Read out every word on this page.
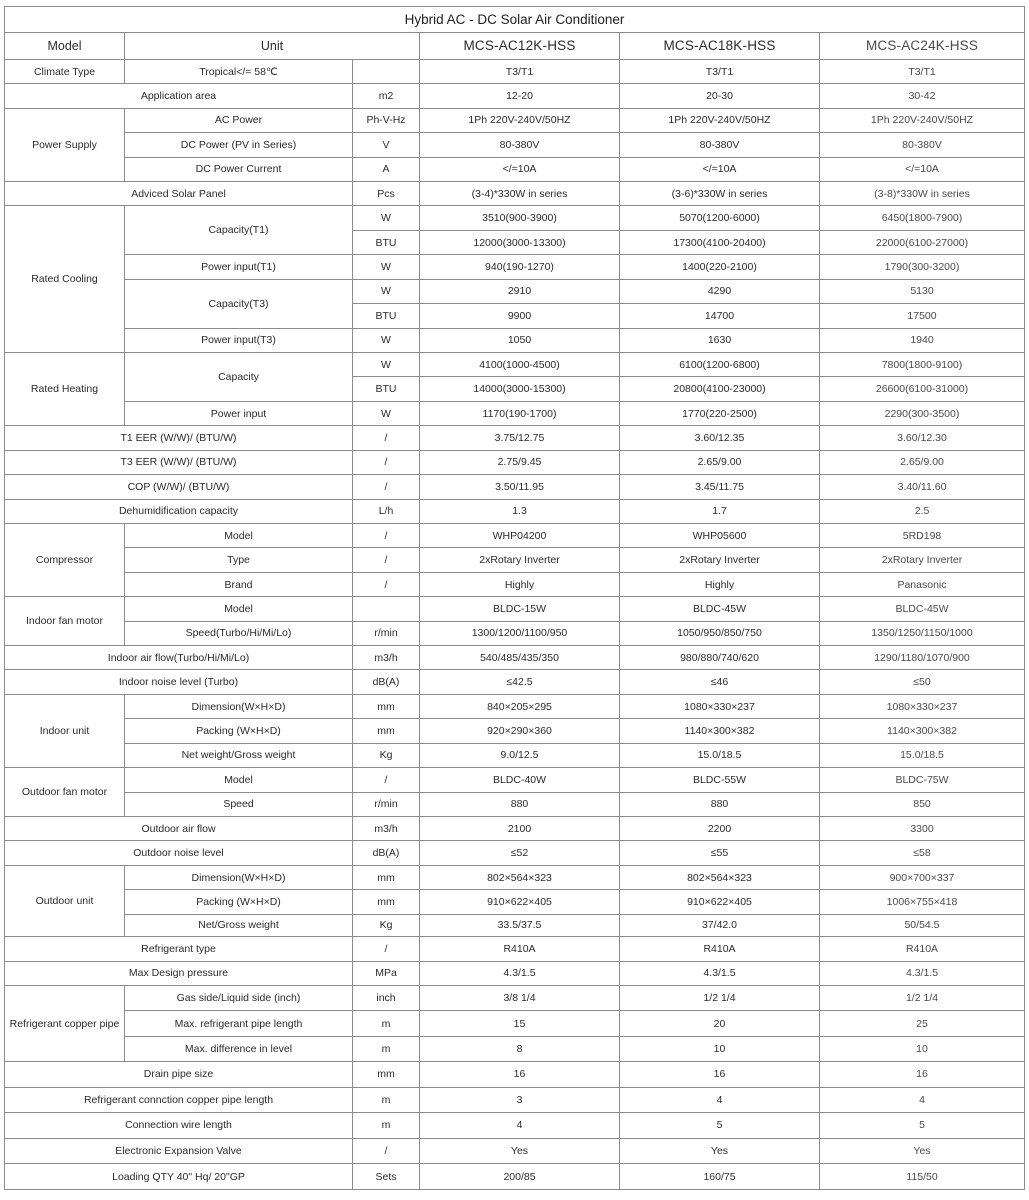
Hybrid AC - DC Solar Air Conditioner					
Model	Unit		MCS-AC12K-HSS	MCS-AC18K-HSS	MCS-AC24K-HSS
Climate Type	Tropical</= 58℃		T3/T1	T3/T1	T3/T1
Application area		m2	12-20	20-30	30-42
Power Supply	AC Power	Ph-V-Hz	1Ph 220V-240V/50HZ	1Ph 220V-240V/50HZ	1Ph 220V-240V/50HZ
	DC Power (PV in Series)	V	80-380V	80-380V	80-380V
	DC Power Current	A	</=10A	</=10A	</=10A
Adviced Solar Panel		Pcs	(3-4)*330W in series	(3-6)*330W in series	(3-8)*330W in series
Rated Cooling	Capacity(T1)	W	3510(900-3900)	5070(1200-6000)	6450(1800-7900)
		BTU	12000(3000-13300)	17300(4100-20400)	22000(6100-27000)
	Power input(T1)	W	940(190-1270)	1400(220-2100)	1790(300-3200)
	Capacity(T3)	W	2910	4290	5130
		BTU	9900	14700	17500
	Power input(T3)	W	1050	1630	1940
Rated Heating	Capacity	W	4100(1000-4500)	6100(1200-6800)	7800(1800-9100)
		BTU	14000(3000-15300)	20800(4100-23000)	26600(6100-31000)
	Power input	W	1170(190-1700)	1770(220-2500)	2290(300-3500)
T1 EER (W/W)/ (BTU/W)		/	3.75/12.75	3.60/12.35	3.60/12.30
T3 EER (W/W)/ (BTU/W)		/	2.75/9.45	2.65/9.00	2.65/9.00
COP (W/W)/ (BTU/W)		/	3.50/11.95	3.45/11.75	3.40/11.60
Dehumidification capacity		L/h	1.3	1.7	2.5
Compressor	Model	/	WHP04200	WHP05600	5RD198
	Type	/	2xRotary Inverter	2xRotary Inverter	2xRotary Inverter
	Brand	/	Highly	Highly	Panasonic
Indoor fan motor	Model		BLDC-15W	BLDC-45W	BLDC-45W
	Speed(Turbo/Hi/Mi/Lo)	r/min	1300/1200/1100/950	1050/950/850/750	1350/1250/1150/1000
Indoor air flow(Turbo/Hi/Mi/Lo)		m3/h	540/485/435/350	980/880/740/620	1290/1180/1070/900
Indoor noise level (Turbo)		dB(A)	≤42.5	≤46	≤50
Indoor unit	Dimension(W×H×D)	mm	840×205×295	1080×330×237	1080×330×237
	Packing (W×H×D)	mm	920×290×360	1140×300×382	1140×300×382
	Net weight/Gross weight	Kg	9.0/12.5	15.0/18.5	15.0/18.5
Outdoor fan motor	Model	/	BLDC-40W	BLDC-55W	BLDC-75W
	Speed	r/min	880	880	850
Outdoor air flow		m3/h	2100	2200	3300
Outdoor noise level		dB(A)	≤52	≤55	≤58
Outdoor unit	Dimension(W×H×D)	mm	802×564×323	802×564×323	900×700×337
	Packing (W×H×D)	mm	910×622×405	910×622×405	1006×755×418
	Net/Gross weight	Kg	33.5/37.5	37/42.0	50/54.5
Refrigerant type		/	R410A	R410A	R410A
Max Design pressure		MPa	4.3/1.5	4.3/1.5	4.3/1.5
Refrigerant copper pipe	Gas side/Liquid side (inch)	inch	3/8 1/4	1/2 1/4	1/2 1/4
	Max. refrigerant pipe length	m	15	20	25
	Max. difference in level	m	8	10	10
Drain pipe size		mm	16	16	16
Refrigerant connction copper pipe length		m	3	4	4
Connection wire length		m	4	5	5
Electronic Expansion Valve		/	Yes	Yes	Yes
Loading QTY 40" Hq/ 20"GP		Sets	200/85	160/75	115/50
